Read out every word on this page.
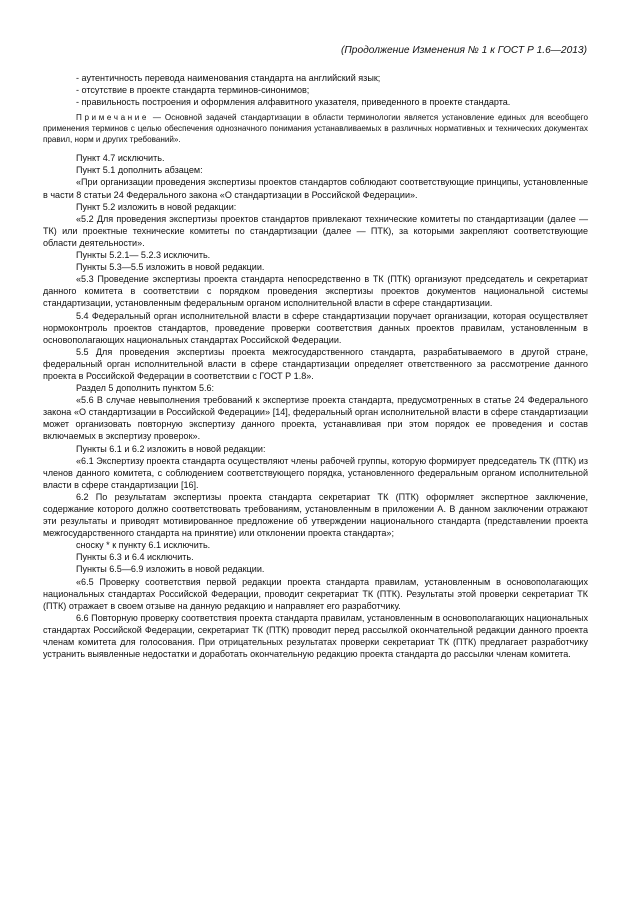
(Продолжение Изменения № 1 к ГОСТ Р 1.6—2013)

- аутентичность перевода наименования стандарта на английский язык;

- отсутствие в проекте стандарта терминов-синонимов;

- правильность построения и оформления алфавитного указателя, приведенного в проекте стандарта.

Примечание — Основной задачей стандартизации в области терминологии является установление единых для всеобщего применения терминов с целью обеспечения однозначного понимания устанавливаемых в различных нормативных и технических документах правил, норм и других требований».

Пункт 4.7 исключить.

Пункт 5.1 дополнить абзацем:

«При организации проведения экспертизы проектов стандартов соблюдают соответствующие принципы, установленные в части 8 статьи 24 Федерального закона «О стандартизации в Российской Федерации».

Пункт 5.2 изложить в новой редакции:

«5.2 Для проведения экспертизы проектов стандартов привлекают технические комитеты по стандартизации (далее — ТК) или проектные технические комитеты по стандартизации (далее — ПТК), за которыми закрепляют соответствующие области деятельности».

Пункты 5.2.1— 5.2.3 исключить.

Пункты 5.3—5.5 изложить в новой редакции.

«5.3 Проведение экспертизы проекта стандарта непосредственно в ТК (ПТК) организуют председатель и секретариат данного комитета в соответствии с порядком проведения экспертизы проектов документов национальной системы стандартизации, установленным федеральным органом исполнительной власти в сфере стандартизации.

5.4 Федеральный орган исполнительной власти в сфере стандартизации поручает организации, которая осуществляет нормоконтроль проектов стандартов, проведение проверки соответствия данных проектов правилам, установленным в основополагающих национальных стандартах Российской Федерации.

5.5 Для проведения экспертизы проекта межгосударственного стандарта, разрабатываемого в другой стране, федеральный орган исполнительной власти в сфере стандартизации определяет ответственного за рассмотрение данного проекта в Российской Федерации в соответствии с ГОСТ Р 1.8».

Раздел 5 дополнить пунктом 5.6:

«5.6 В случае невыполнения требований к экспертизе проекта стандарта, предусмотренных в статье 24 Федерального закона «О стандартизации в Российской Федерации» [14], федеральный орган исполнительной власти в сфере стандартизации может организовать повторную экспертизу данного проекта, устанавливая при этом порядок ее проведения и состав включаемых в экспертизу проверок».

Пункты 6.1 и 6.2 изложить в новой редакции:

«6.1 Экспертизу проекта стандарта осуществляют члены рабочей группы, которую формирует председатель ТК (ПТК) из членов данного комитета, с соблюдением соответствующего порядка, установленного федеральным органом исполнительной власти в сфере стандартизации [16].

6.2 По результатам экспертизы проекта стандарта секретариат ТК (ПТК) оформляет экспертное заключение, содержание которого должно соответствовать требованиям, установленным в приложении А. В данном заключении отражают эти результаты и приводят мотивированное предложение об утверждении национального стандарта (представлении проекта межгосударственного стандарта на принятие) или отклонении проекта стандарта»;

сноску * к пункту 6.1 исключить.

Пункты 6.3 и 6.4 исключить.

Пункты 6.5—6.9 изложить в новой редакции.

«6.5 Проверку соответствия первой редакции проекта стандарта правилам, установленным в основополагающих национальных стандартах Российской Федерации, проводит секретариат ТК (ПТК). Результаты этой проверки секретариат ТК (ПТК) отражает в своем отзыве на данную редакцию и направляет его разработчику.

6.6 Повторную проверку соответствия проекта стандарта правилам, установленным в основополагающих национальных стандартах Российской Федерации, секретариат ТК (ПТК) проводит перед рассылкой окончательной редакции данного проекта членам комитета для голосования. При отрицательных результатах проверки секретариат ТК (ПТК) предлагает разработчику устранить выявленные недостатки и доработать окончательную редакцию проекта стандарта до рассылки членам комитета.
